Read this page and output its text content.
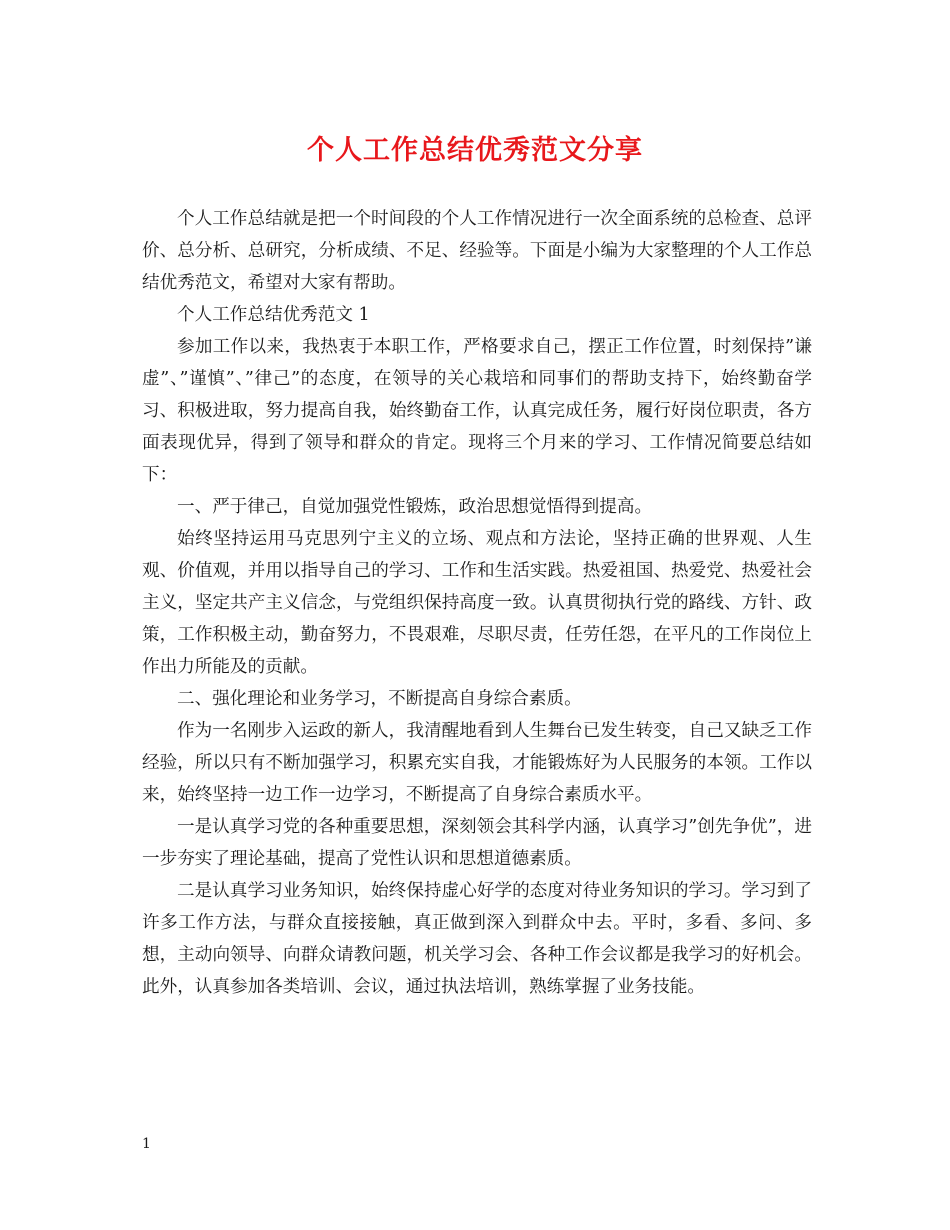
个人工作总结优秀范文分享

个人工作总结就是把一个时间段的个人工作情况进行一次全面系统的总检查、总评价、总分析、总研究，分析成绩、不足、经验等。下面是小编为大家整理的个人工作总结优秀范文，希望对大家有帮助。

个人工作总结优秀范文 1

参加工作以来，我热衷于本职工作，严格要求自己，摆正工作位置，时刻保持”谦虚”、”谨慎”、”律己”的态度，在领导的关心栽培和同事们的帮助支持下，始终勤奋学习、积极进取，努力提高自我，始终勤奋工作，认真完成任务，履行好岗位职责，各方面表现优异，得到了领导和群众的肯定。现将三个月来的学习、工作情况简要总结如下：

一、严于律己，自觉加强党性锻炼，政治思想觉悟得到提高。

始终坚持运用马克思列宁主义的立场、观点和方法论，坚持正确的世界观、人生观、价值观，并用以指导自己的学习、工作和生活实践。热爱祖国、热爱党、热爱社会主义，坚定共产主义信念，与党组织保持高度一致。认真贯彻执行党的路线、方针、政策，工作积极主动，勤奋努力，不畏艰难，尽职尽责，任劳任怨，在平凡的工作岗位上作出力所能及的贡献。

二、强化理论和业务学习，不断提高自身综合素质。

作为一名刚步入运政的新人，我清醒地看到人生舞台已发生转变，自己又缺乏工作经验，所以只有不断加强学习，积累充实自我，才能锻炼好为人民服务的本领。工作以来，始终坚持一边工作一边学习，不断提高了自身综合素质水平。

一是认真学习党的各种重要思想，深刻领会其科学内涵，认真学习”创先争优”，进一步夯实了理论基础，提高了党性认识和思想道德素质。

二是认真学习业务知识，始终保持虚心好学的态度对待业务知识的学习。学习到了许多工作方法，与群众直接接触，真正做到深入到群众中去。平时，多看、多问、多想，主动向领导、向群众请教问题，机关学习会、各种工作会议都是我学习的好机会。此外，认真参加各类培训、会议，通过执法培训，熟练掌握了业务技能。

1
